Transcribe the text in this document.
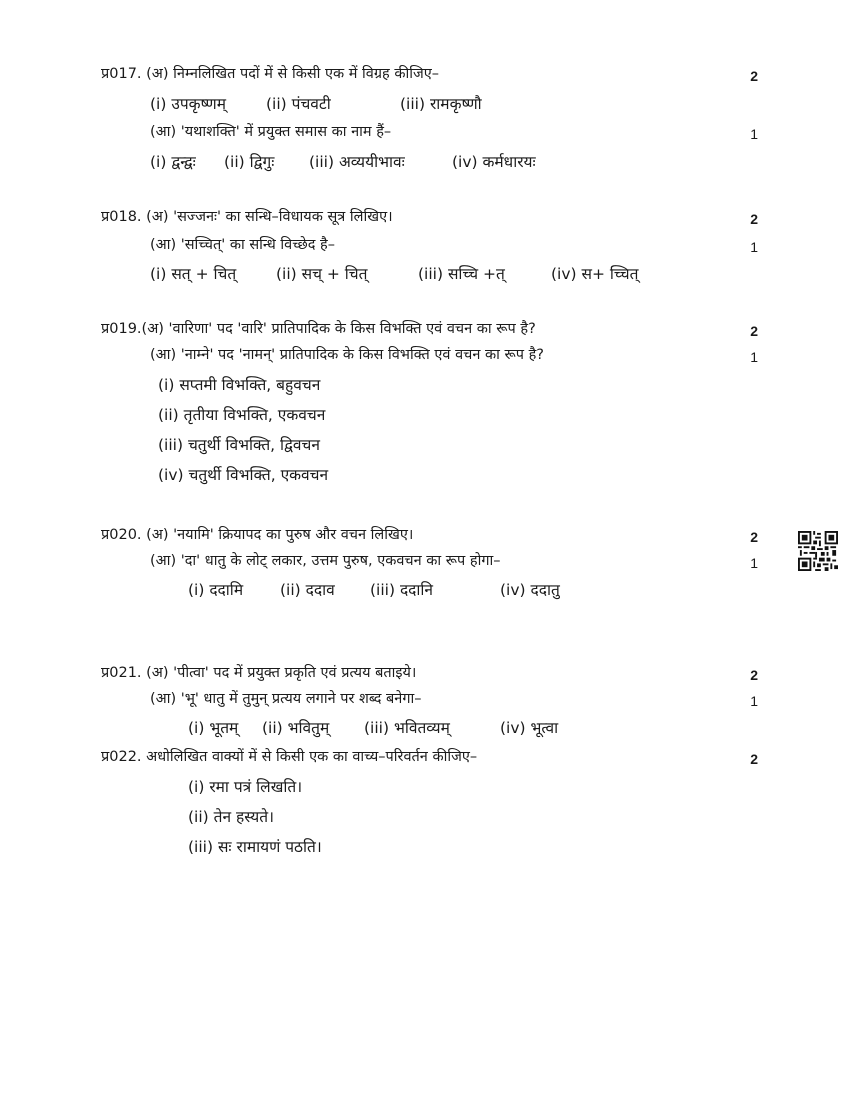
प्र017. (अ) निम्नलिखित पदों में से किसी एक में विग्रह कीजिए–	2
(i) उपकृष्णम्	(ii) पंचवटी	(iii) रामकृष्णौ
(आ) 'यथाशक्ति' में प्रयुक्त समास का नाम हैं–	1
(i) द्वन्द्वः (ii) द्विगुः (iii) अव्ययीभावः	(iv) कर्मधारयः
प्र018. (अ) 'सज्जनः' का सन्धि–विधायक सूत्र लिखिए।	2
(आ) 'सच्चित्' का सन्धि विच्छेद है–	1
(i) सत् + चित्	(ii) सच् + चित्	(iii) सच्चि +त्	(iv) स+ च्चित्
प्र019.(अ) 'वारिणा' पद 'वारि' प्रातिपादिक के किस विभक्ति एवं वचन का रूप है?	2
(आ) 'नाम्ने' पद 'नामन्' प्रातिपादिक के किस विभक्ति एवं वचन का रूप है?	1
(i) सप्तमी विभक्ति, बहुवचन
(ii) तृतीया विभक्ति, एकवचन
(iii) चतुर्थी विभक्ति, द्विवचन
(iv) चतुर्थी विभक्ति, एकवचन
प्र020. (अ) 'नयामि' क्रियापद का पुरुष और वचन लिखिए।	2
(आ) 'दा' धातु के लोट् लकार, उत्तम पुरुष, एकवचन का रूप होगा–	1
(i) ददामि (ii) ददाव (iii) ददानि	(iv) ददातु
प्र021. (अ) 'पीत्वा' पद में प्रयुक्त प्रकृति एवं प्रत्यय बताइये।	2
(आ) 'भू' धातु में तुमुन् प्रत्यय लगाने पर शब्द बनेगा–	1
(i) भूतम् (ii) भवितुम् (iii) भवितव्यम्	(iv) भूत्वा
प्र022. अधोलिखित वाक्यों में से किसी एक का वाच्य–परिवर्तन कीजिए–	2
(i) रमा पत्रं लिखति।
(ii) तेन हस्यते।
(iii) सः रामायणं पठति।
